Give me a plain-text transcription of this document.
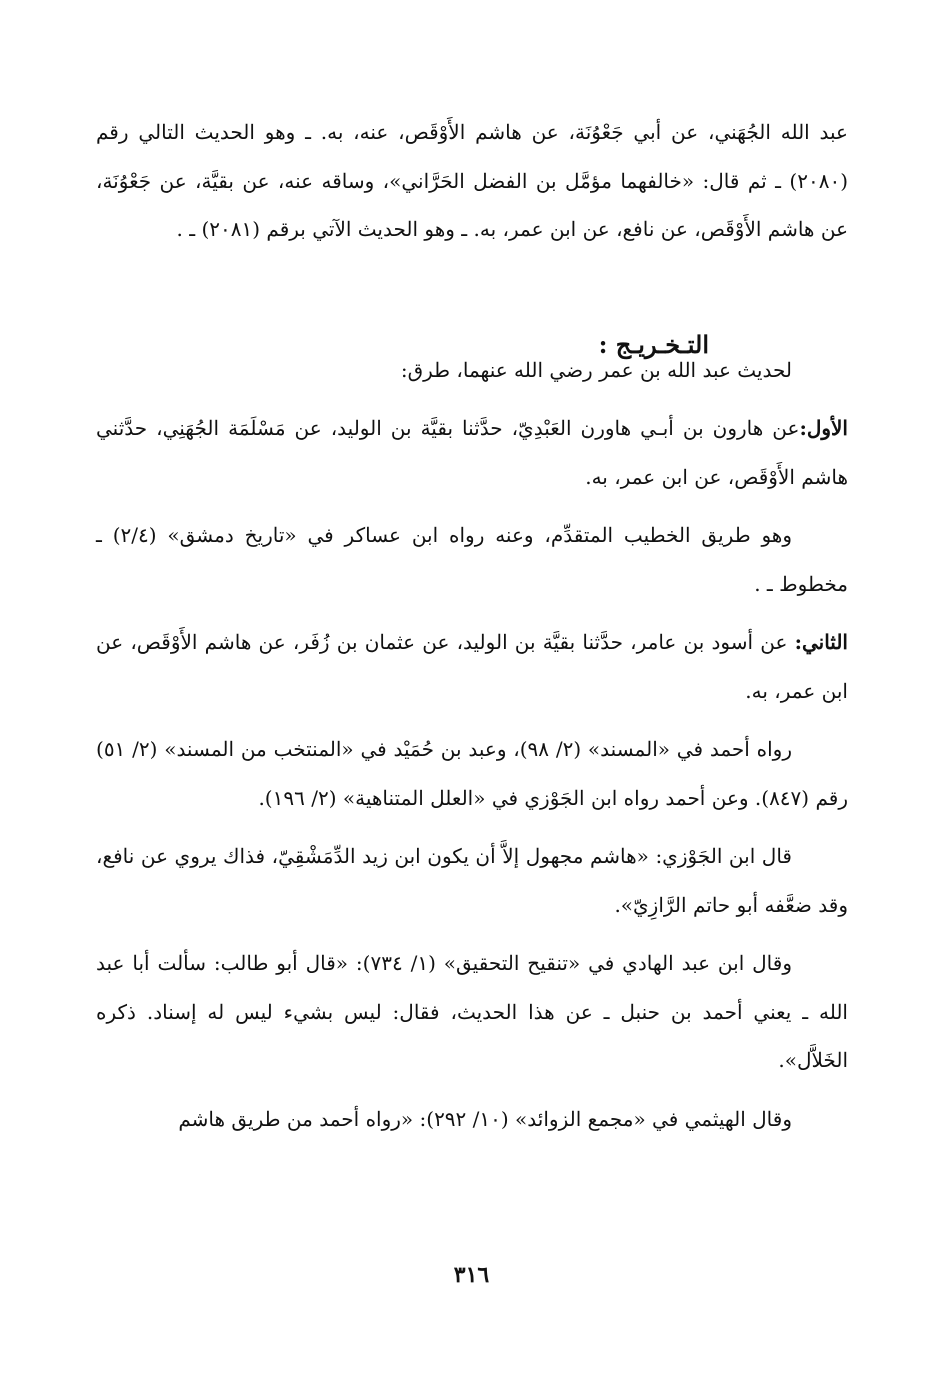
عبد الله الجُهَني، عن أبي جَعْوُنَة، عن هاشم الأَوْقَص، عنه، به. ـ وهو الحديث التالي رقم (٢٠٨٠) ـ ثم قال: «خالفهما مؤمَّل بن الفضل الحَرَّاني»، وساقه عنه، عن بقيَّة، عن جَعْوُنَة، عن هاشم الأَوْقَص، عن نافع، عن ابن عمر، به. ـ وهو الحديث الآتي برقم (٢٠٨١) ـ .

لحديث عبد الله بن عمر رضي الله عنهما، طرق:

الأول:عن هارون بن أبـي هاورن العَبْدِيّ، حدَّثنا بقيَّة بن الوليد، عن مَسْلَمَة الجُهَنِي، حدَّثني هاشم الأَوْقَص، عن ابن عمر، به.

وهو طريق الخطيب المتقدِّم، وعنه رواه ابن عساكر في «تاريخ دمشق» (٢/٤) ـ مخطوط ـ .

الثاني: عن أسود بن عامر، حدَّثنا بقيَّة بن الوليد، عن عثمان بن زُفَر، عن هاشم الأَوْقَص، عن ابن عمر، به.

رواه أحمد في «المسند» (٢/ ٩٨)، وعبد بن حُمَيْد في «المنتخب من المسند» (٢/ ٥١) رقم (٨٤٧). وعن أحمد رواه ابن الجَوْزي في «العلل المتناهية» (٢/ ١٩٦).

قال ابن الجَوْزي: «هاشم مجهول إلاَّ أن يكون ابن زيد الدِّمَشْقِيّ، فذاك يروي عن نافع، وقد ضعَّفه أبو حاتم الرَّازِيّ».

وقال ابن عبد الهادي في «تنقيح التحقيق» (١/ ٧٣٤): «قال أبو طالب: سألت أبا عبد الله ـ يعني أحمد بن حنبل ـ عن هذا الحديث، فقال: ليس بشيء ليس له إسناد. ذكره الخَلاَّل».

وقال الهيثمي في «مجمع الزوائد» (١٠/ ٢٩٢): «رواه أحمد من طريق هاشم

التـخـريـج :
٣١٦
